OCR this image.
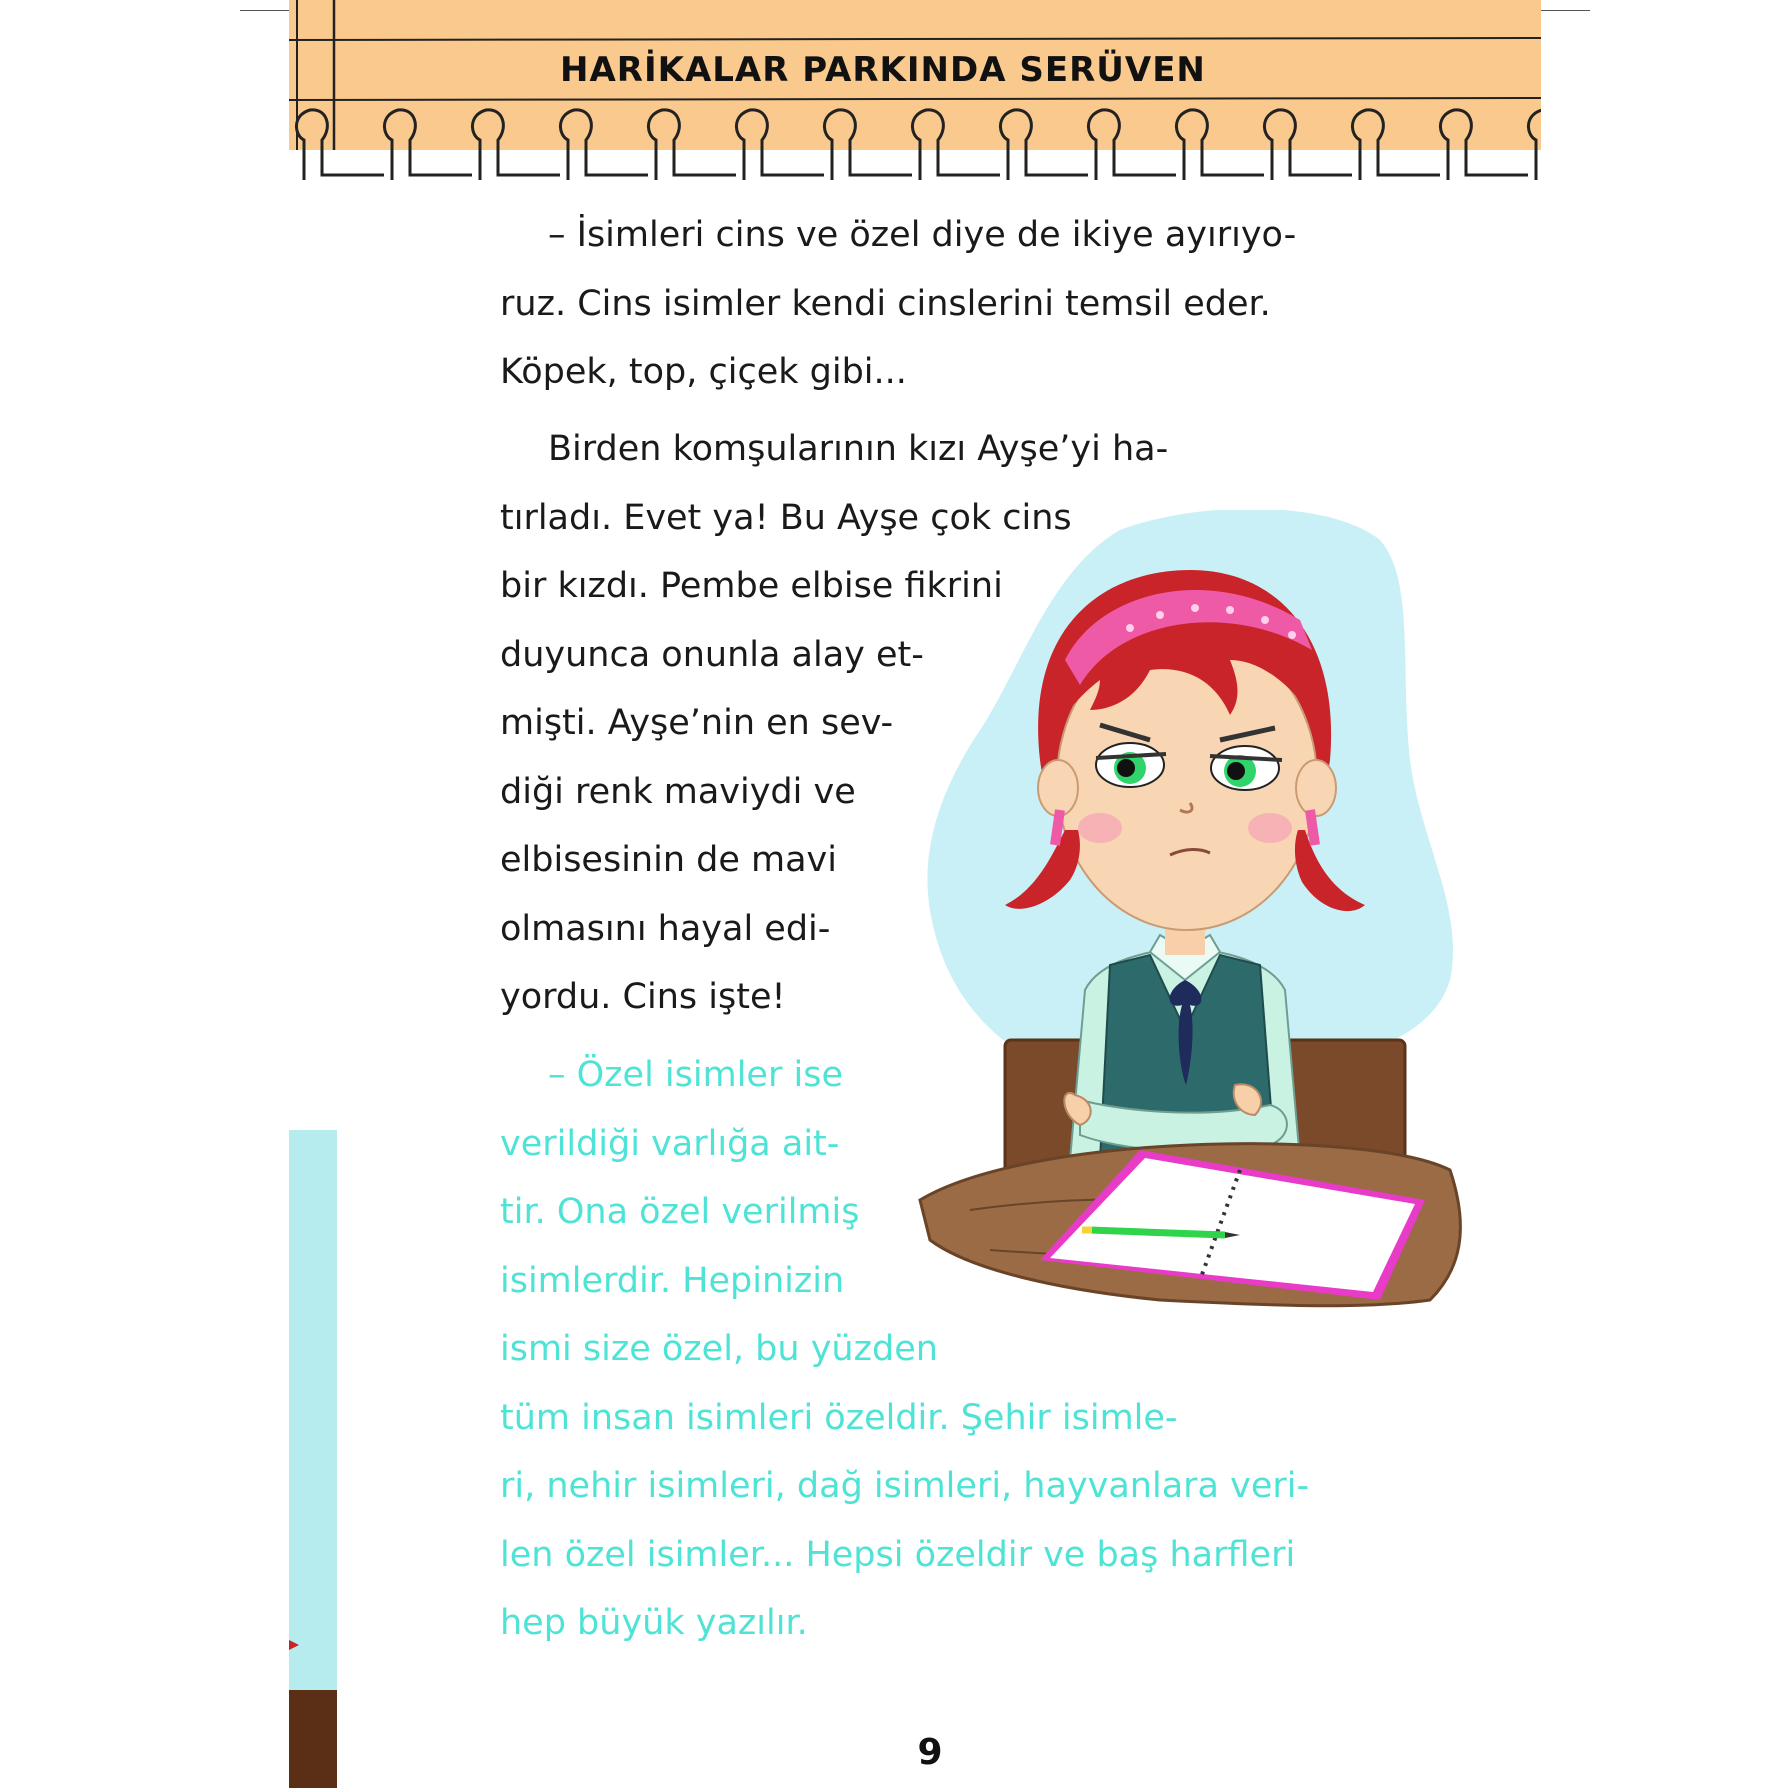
HARİKALAR PARKINDA SERÜVEN
– İsimleri cins ve özel diye de ikiye ayırıyo-
ruz. Cins isimler kendi cinslerini temsil eder.
Köpek, top, çiçek gibi...
Birden komşularının kızı Ayşe’yi ha-
tırladı. Evet ya! Bu Ayşe çok cins
bir kızdı. Pembe elbise fikrini
duyunca onunla alay et-
mişti. Ayşe’nin en sev-
diği renk maviydi ve
elbisesinin de mavi
olmasını hayal edi-
yordu. Cins işte!
– Özel isimler ise
verildiği varlığa ait-
tir. Ona özel verilmiş
isimlerdir. Hepinizin
ismi size özel, bu yüzden
tüm insan isimleri özeldir. Şehir isimle-
ri, nehir isimleri, dağ isimleri, hayvanlara veri-
len özel isimler... Hepsi özeldir ve baş harfleri
hep büyük yazılır.
9
